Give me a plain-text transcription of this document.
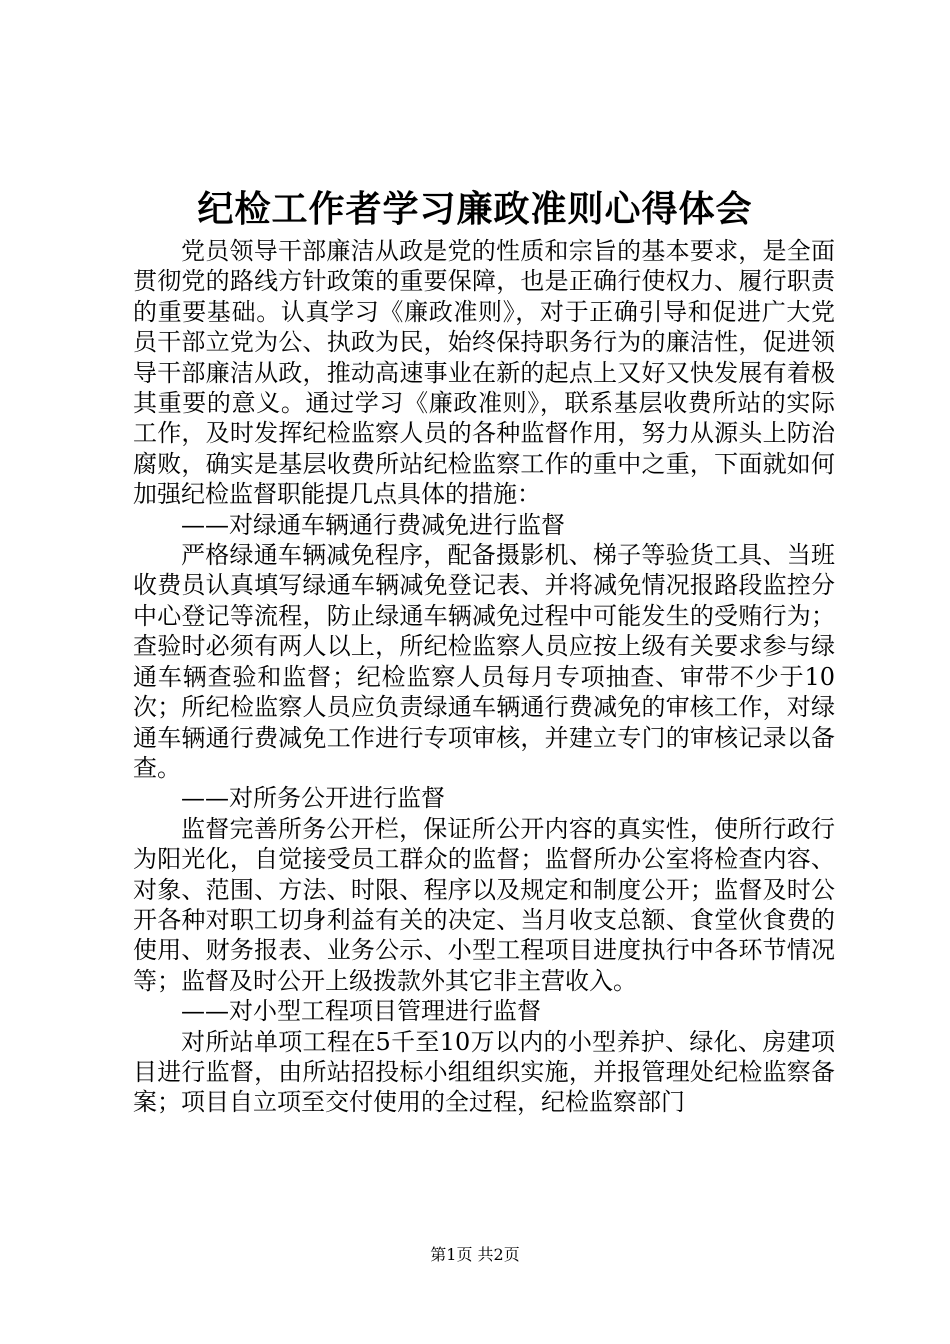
纪检工作者学习廉政准则心得体会

党员领导干部廉洁从政是党的性质和宗旨的基本要求，是全面贯彻党的路线方针政策的重要保障，也是正确行使权力、履行职责的重要基础。认真学习《廉政准则》，对于正确引导和促进广大党员干部立党为公、执政为民，始终保持职务行为的廉洁性，促进领导干部廉洁从政，推动高速事业在新的起点上又好又快发展有着极其重要的意义。通过学习《廉政准则》，联系基层收费所站的实际工作，及时发挥纪检监察人员的各种监督作用，努力从源头上防治腐败，确实是基层收费所站纪检监察工作的重中之重，下面就如何加强纪检监督职能提几点具体的措施：

——对绿通车辆通行费减免进行监督

严格绿通车辆减免程序，配备摄影机、梯子等验货工具、当班收费员认真填写绿通车辆减免登记表、并将减免情况报路段监控分中心登记等流程，防止绿通车辆减免过程中可能发生的受贿行为；查验时必须有两人以上，所纪检监察人员应按上级有关要求参与绿通车辆查验和监督；纪检监察人员每月专项抽查、审带不少于10次；所纪检监察人员应负责绿通车辆通行费减免的审核工作，对绿通车辆通行费减免工作进行专项审核，并建立专门的审核记录以备查。

——对所务公开进行监督

监督完善所务公开栏，保证所公开内容的真实性，使所行政行为阳光化，自觉接受员工群众的监督；监督所办公室将检查内容、对象、范围、方法、时限、程序以及规定和制度公开；监督及时公开各种对职工切身利益有关的决定、当月收支总额、食堂伙食费的使用、财务报表、业务公示、小型工程项目进度执行中各环节情况等；监督及时公开上级拨款外其它非主营收入。

——对小型工程项目管理进行监督

对所站单项工程在5千至10万以内的小型养护、绿化、房建项目进行监督，由所站招投标小组组织实施，并报管理处纪检监察备案；项目自立项至交付使用的全过程，纪检监察部门

第1页 共2页
